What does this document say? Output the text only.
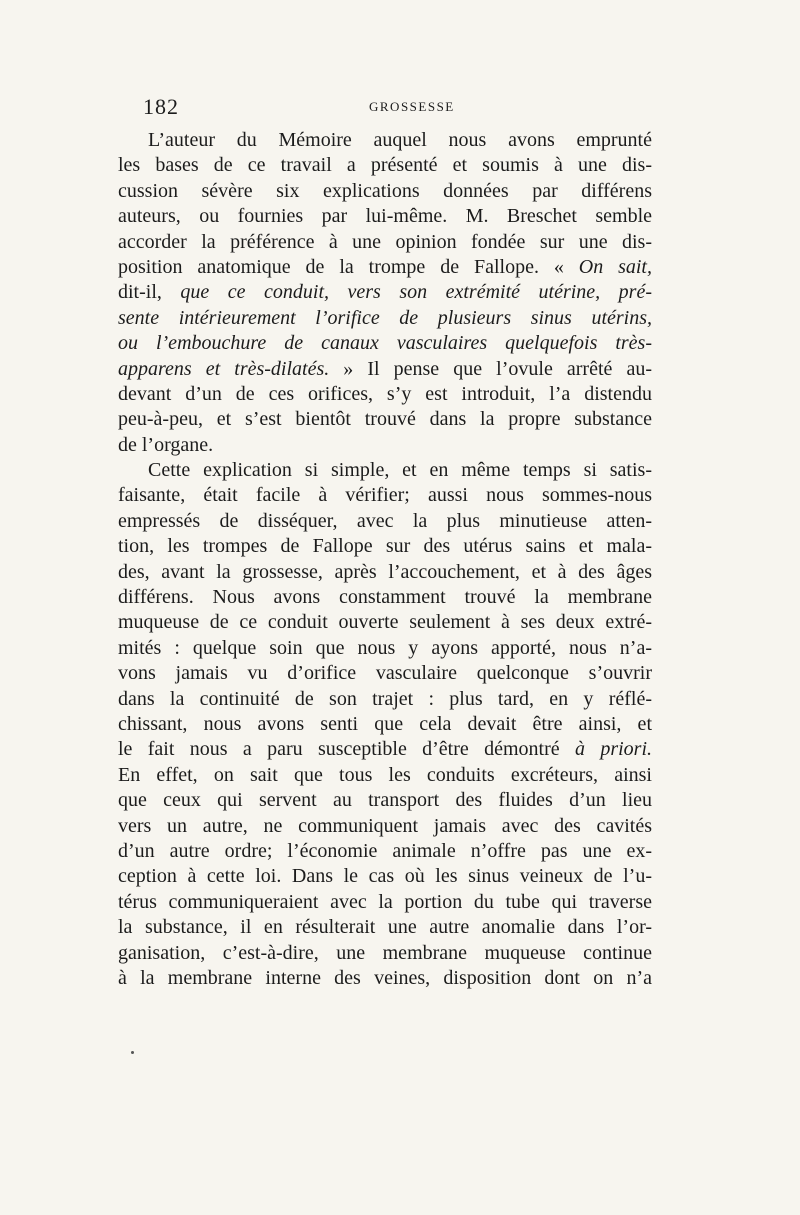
182	GROSSESSE
L’auteur du Mémoire auquel nous avons emprunté
les bases de ce travail a présenté et soumis à une dis-
cussion sévère six explications données par différens
auteurs, ou fournies par lui-même. M. Breschet semble
accorder la préférence à une opinion fondée sur une dis-
position anatomique de la trompe de Fallope. « On sait,
dit-il, que ce conduit, vers son extrémité utérine, pré-
sente intérieurement l’orifice de plusieurs sinus utérins,
ou l’embouchure de canaux vasculaires quelquefois très-
apparens et très-dilatés. » Il pense que l’ovule arrêté au-
devant d’un de ces orifices, s’y est introduit, l’a distendu
peu-à-peu, et s’est bientôt trouvé dans la propre substance
de l’organe.
Cette explication si simple, et en même temps si satis-
faisante, était facile à vérifier; aussi nous sommes-nous
empressés de disséquer, avec la plus minutieuse atten-
tion, les trompes de Fallope sur des utérus sains et mala-
des, avant la grossesse, après l’accouchement, et à des âges
différens. Nous avons constamment trouvé la membrane
muqueuse de ce conduit ouverte seulement à ses deux extré-
mités : quelque soin que nous y ayons apporté, nous n’a-
vons jamais vu d’orifice vasculaire quelconque s’ouvrir
dans la continuité de son trajet : plus tard, en y réflé-
chissant, nous avons senti que cela devait être ainsi, et
le fait nous a paru susceptible d’être démontré à priori.
En effet, on sait que tous les conduits excréteurs, ainsi
que ceux qui servent au transport des fluides d’un lieu
vers un autre, ne communiquent jamais avec des cavités
d’un autre ordre; l’économie animale n’offre pas une ex-
ception à cette loi. Dans le cas où les sinus veineux de l’u-
térus communiqueraient avec la portion du tube qui traverse
la substance, il en résulterait une autre anomalie dans l’or-
ganisation, c’est-à-dire, une membrane muqueuse continue
à la membrane interne des veines, disposition dont on n’a
